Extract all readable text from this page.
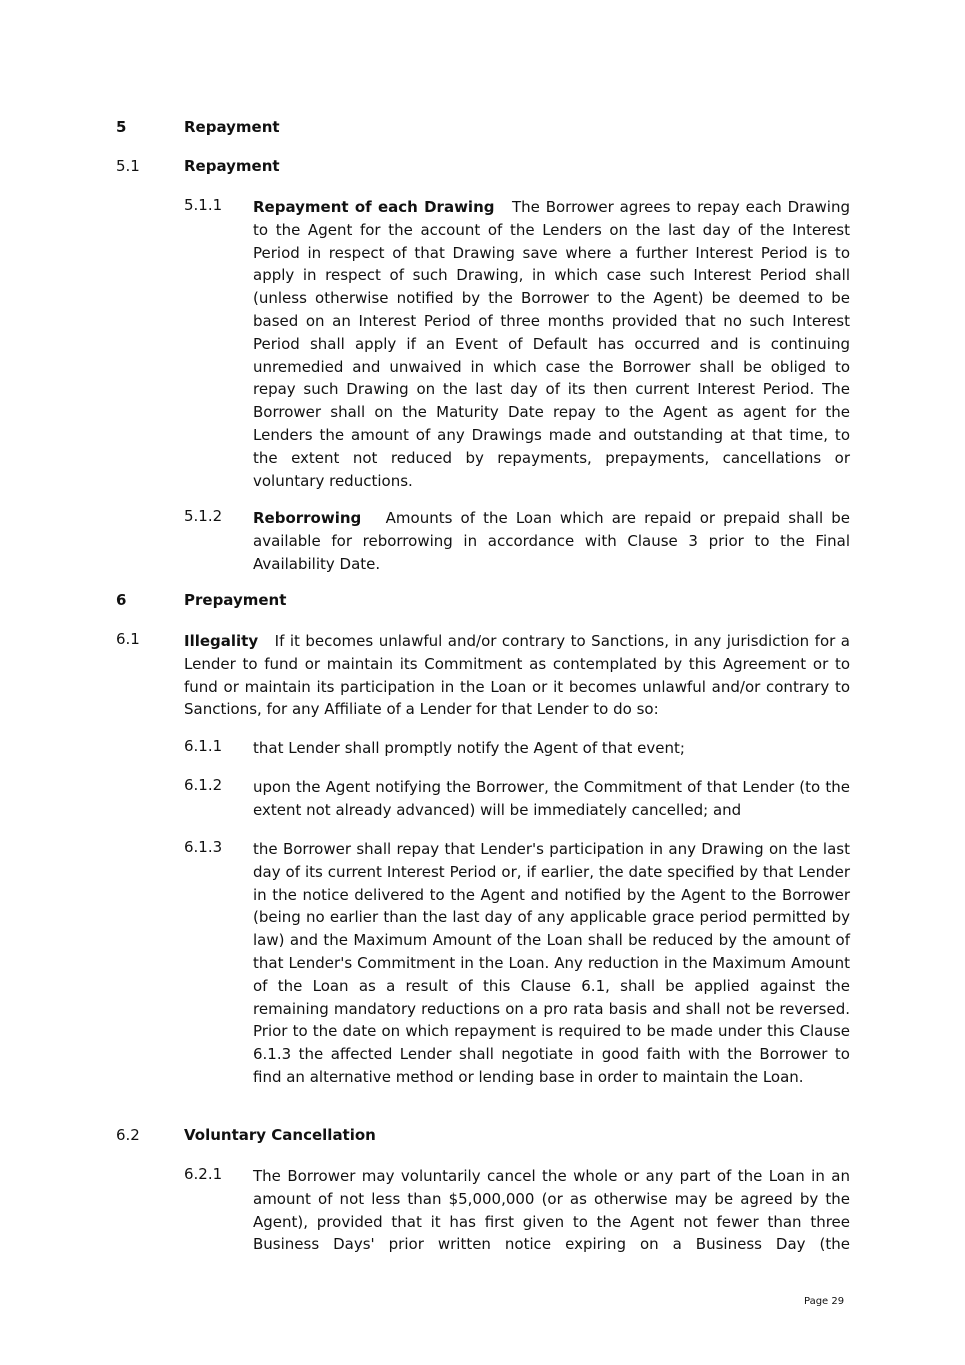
5	Repayment
5.1	Repayment
5.1.1 Repayment of each Drawing The Borrower agrees to repay each Drawing to the Agent for the account of the Lenders on the last day of the Interest Period in respect of that Drawing save where a further Interest Period is to apply in respect of such Drawing, in which case such Interest Period shall (unless otherwise notified by the Borrower to the Agent) be deemed to be based on an Interest Period of three months provided that no such Interest Period shall apply if an Event of Default has occurred and is continuing unremedied and unwaived in which case the Borrower shall be obliged to repay such Drawing on the last day of its then current Interest Period. The Borrower shall on the Maturity Date repay to the Agent as agent for the Lenders the amount of any Drawings made and outstanding at that time, to the extent not reduced by repayments, prepayments, cancellations or voluntary reductions.
5.1.2 Reborrowing Amounts of the Loan which are repaid or prepaid shall be available for reborrowing in accordance with Clause 3 prior to the Final Availability Date.
6	Prepayment
6.1	Illegality If it becomes unlawful and/or contrary to Sanctions, in any jurisdiction for a Lender to fund or maintain its Commitment as contemplated by this Agreement or to fund or maintain its participation in the Loan or it becomes unlawful and/or contrary to Sanctions, for any Affiliate of a Lender for that Lender to do so:
6.1.1 that Lender shall promptly notify the Agent of that event;
6.1.2 upon the Agent notifying the Borrower, the Commitment of that Lender (to the extent not already advanced) will be immediately cancelled; and
6.1.3 the Borrower shall repay that Lender's participation in any Drawing on the last day of its current Interest Period or, if earlier, the date specified by that Lender in the notice delivered to the Agent and notified by the Agent to the Borrower (being no earlier than the last day of any applicable grace period permitted by law) and the Maximum Amount of the Loan shall be reduced by the amount of that Lender's Commitment in the Loan. Any reduction in the Maximum Amount of the Loan as a result of this Clause 6.1, shall be applied against the remaining mandatory reductions on a pro rata basis and shall not be reversed. Prior to the date on which repayment is required to be made under this Clause 6.1.3 the affected Lender shall negotiate in good faith with the Borrower to find an alternative method or lending base in order to maintain the Loan.
6.2	Voluntary Cancellation
6.2.1 The Borrower may voluntarily cancel the whole or any part of the Loan in an amount of not less than $5,000,000 (or as otherwise may be agreed by the Agent), provided that it has first given to the Agent not fewer than three Business Days' prior written notice expiring on a Business Day (the
Page 29
